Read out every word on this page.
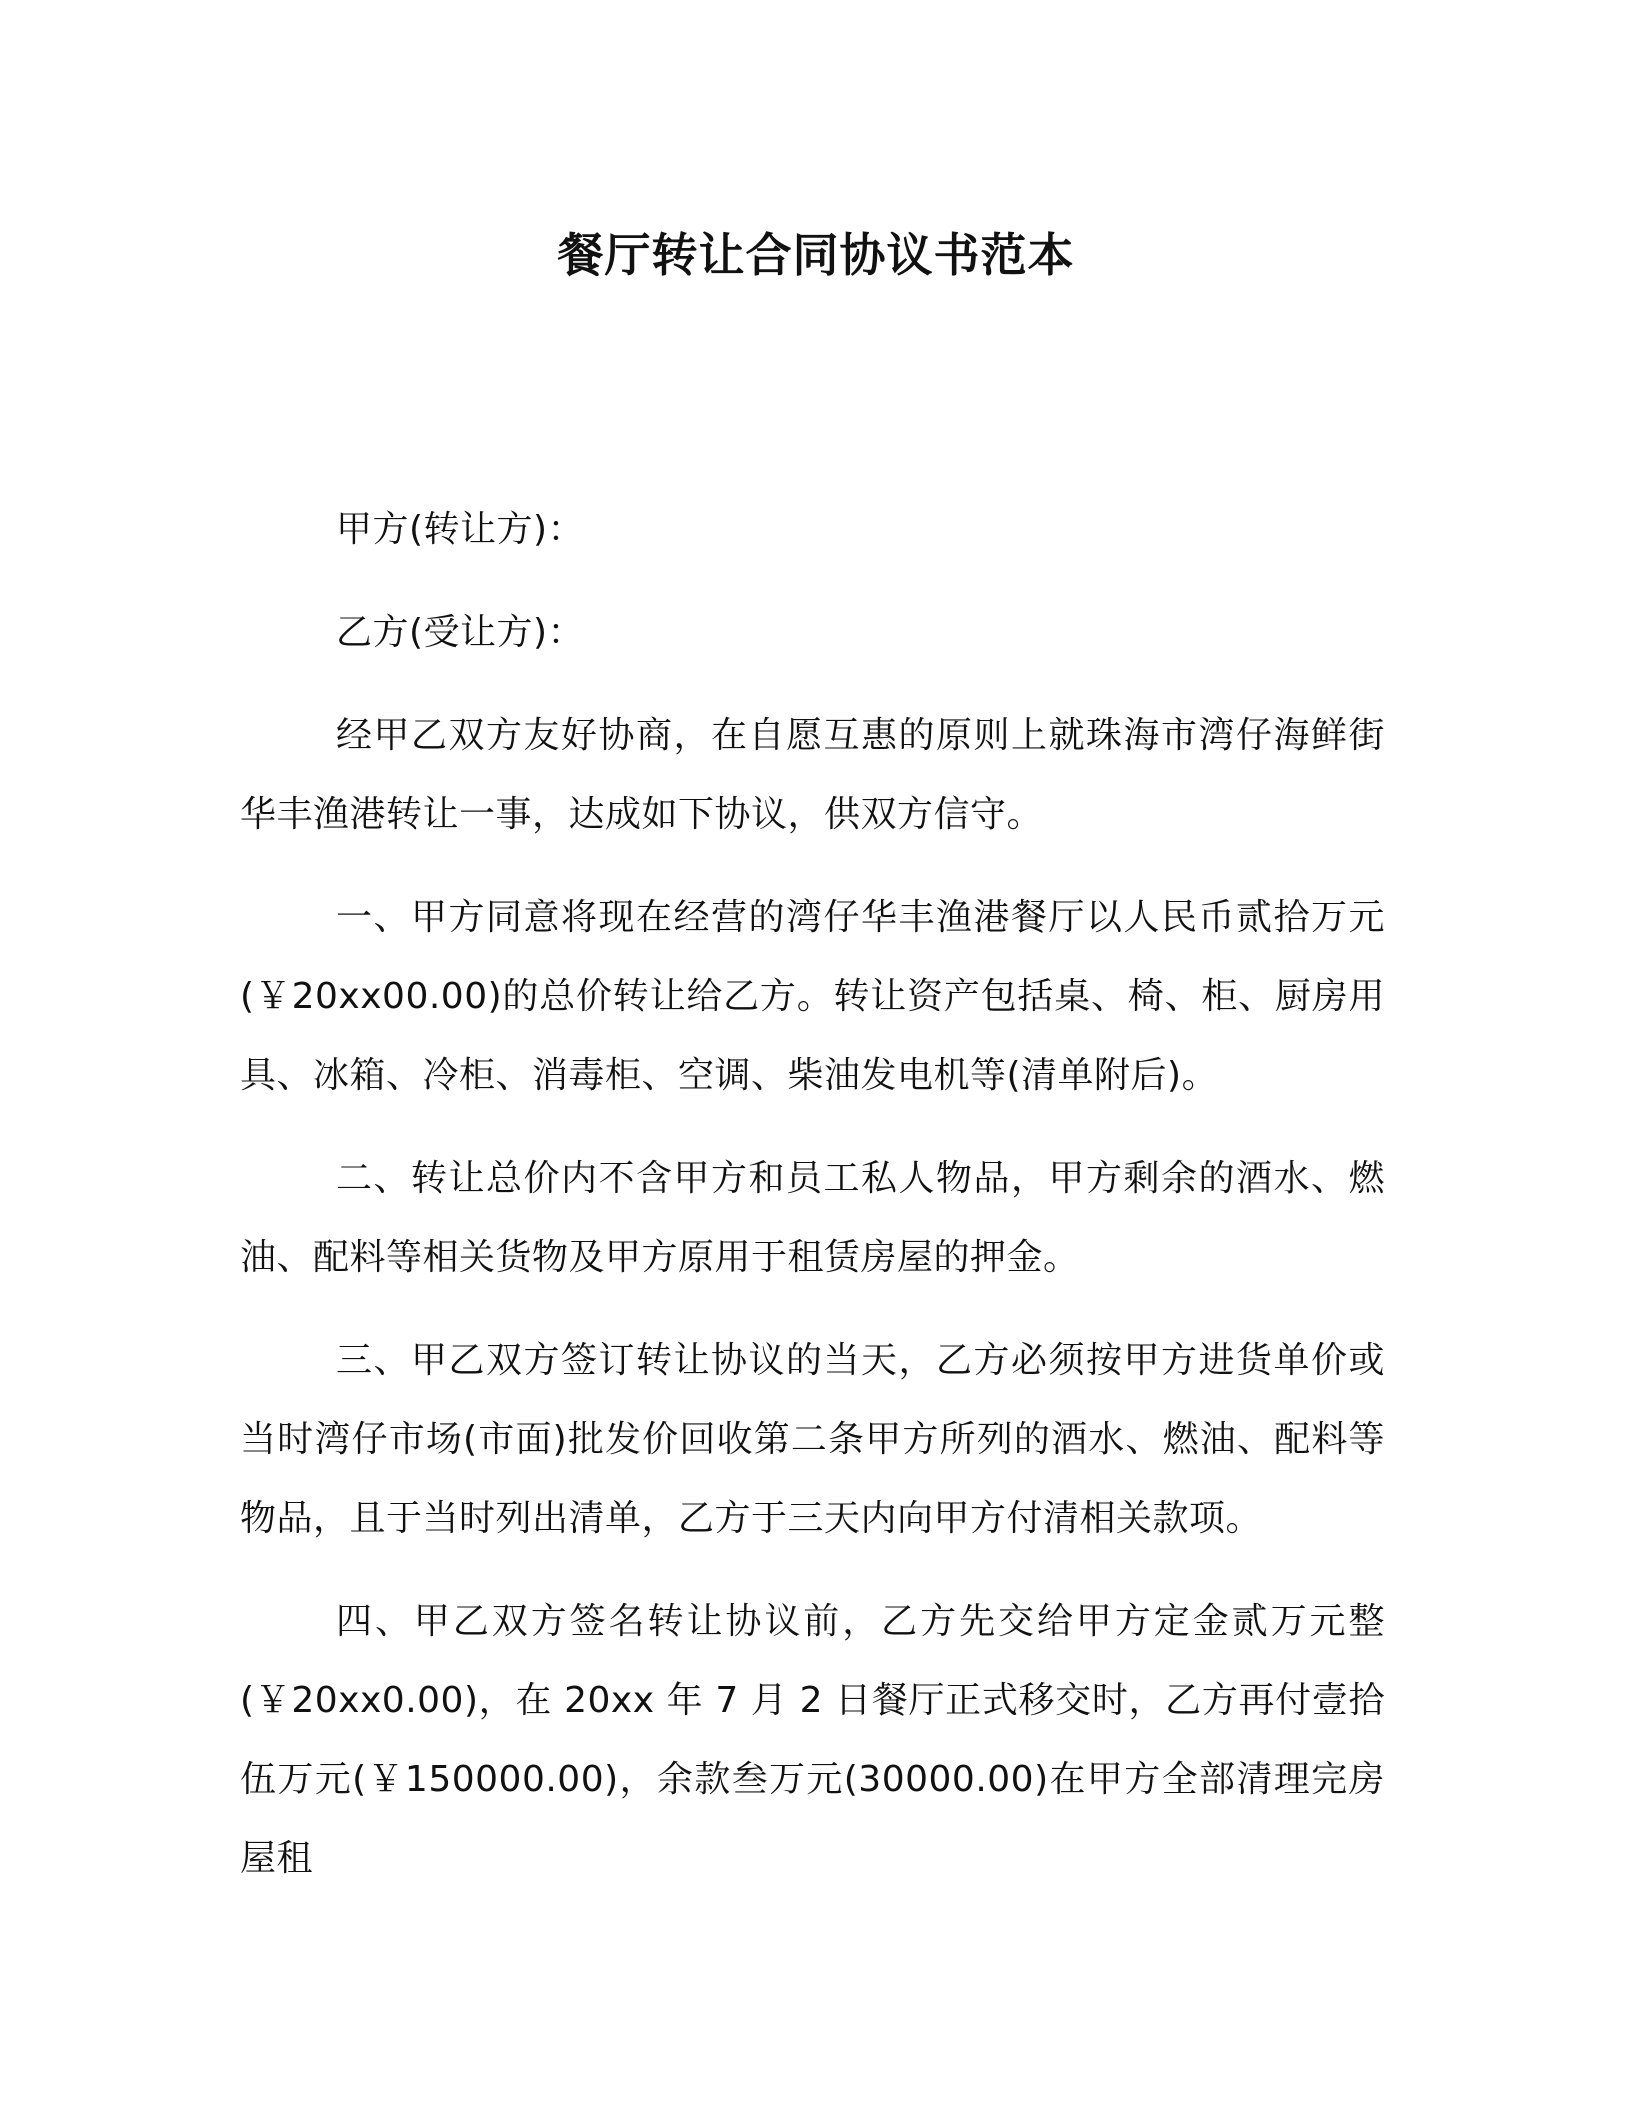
餐厅转让合同协议书范本

甲方(转让方)：

乙方(受让方)：

经甲乙双方友好协商，在自愿互惠的原则上就珠海市湾仔海鲜街华丰渔港转让一事，达成如下协议，供双方信守。

一、甲方同意将现在经营的湾仔华丰渔港餐厅以人民币贰拾万元(￥20xx00.00)的总价转让给乙方。转让资产包括桌、椅、柜、厨房用具、冰箱、冷柜、消毒柜、空调、柴油发电机等(清单附后)。

二、转让总价内不含甲方和员工私人物品，甲方剩余的酒水、燃油、配料等相关货物及甲方原用于租赁房屋的押金。

三、甲乙双方签订转让协议的当天，乙方必须按甲方进货单价或当时湾仔市场(市面)批发价回收第二条甲方所列的酒水、燃油、配料等物品，且于当时列出清单，乙方于三天内向甲方付清相关款项。

四、甲乙双方签名转让协议前，乙方先交给甲方定金贰万元整(￥20xx0.00)，在 20xx 年 7 月 2 日餐厅正式移交时，乙方再付壹拾伍万元(￥150000.00)，余款叁万元(30000.00)在甲方全部清理完房屋租
